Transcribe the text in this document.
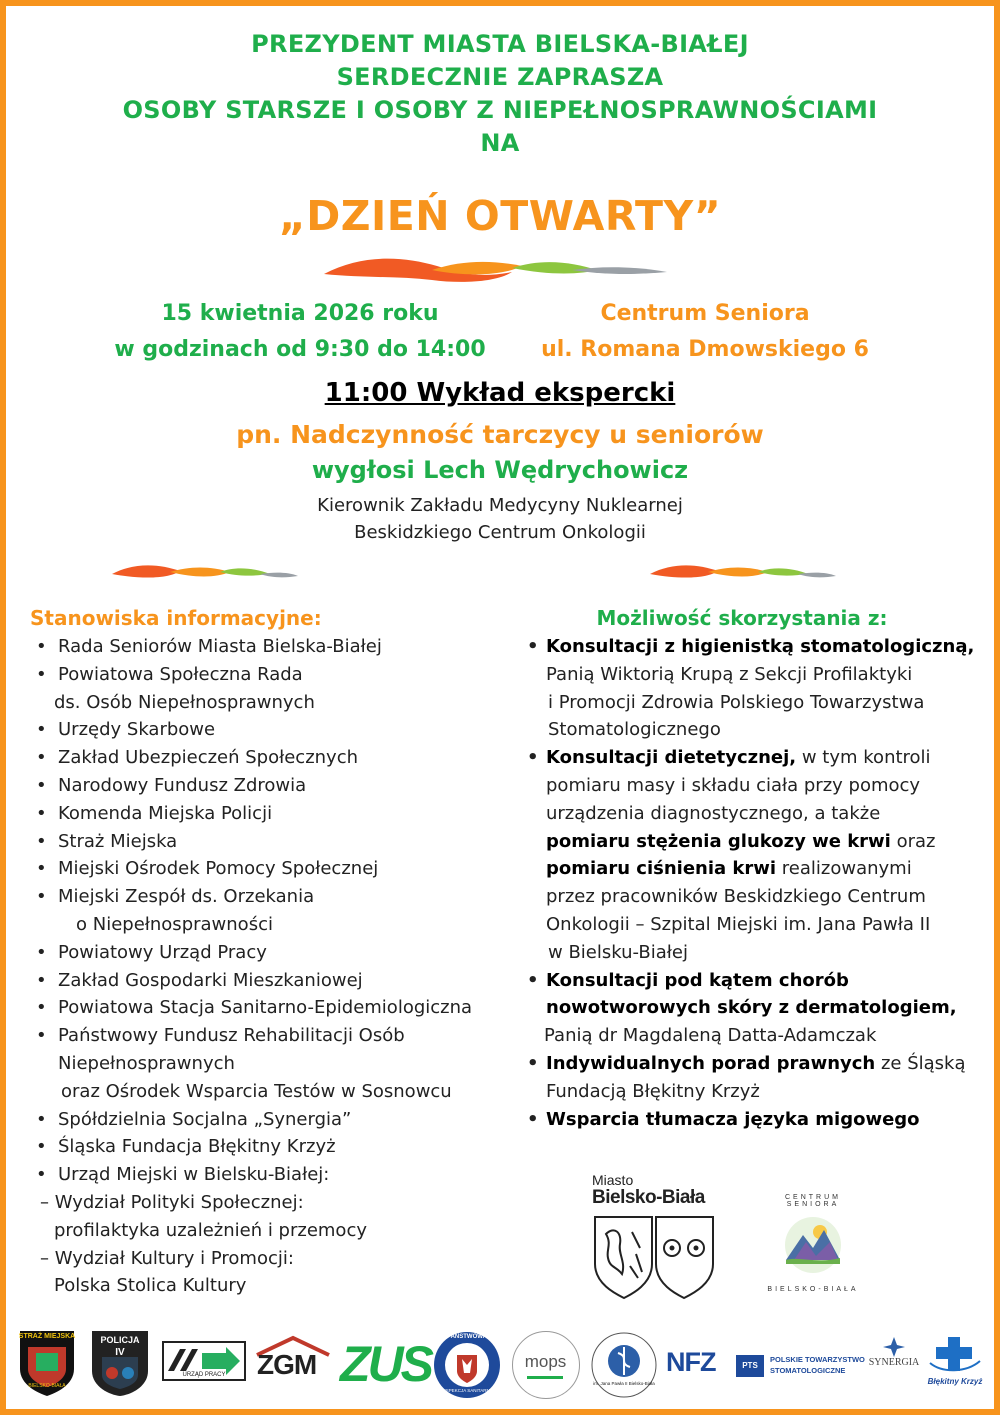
PREZYDENT MIASTA BIELSKA-BIAŁEJ
SERDECZNIE ZAPRASZA
OSOBY STARSZE I OSOBY Z NIEPEŁNOSPRAWNOŚCIAMI
NA
„DZIEŃ OTWARTY”
15 kwietnia 2026 roku
w godzinach od 9:30 do 14:00
Centrum Seniora
ul. Romana Dmowskiego 6
11:00 Wykład ekspercki
pn. Nadczynność tarczycy u seniorów
wygłosi Lech Wędrychowicz
Kierownik Zakładu Medycyny Nuklearnej
Beskidzkiego Centrum Onkologii
Stanowiska informacyjne:	Możliwość skorzystania z:
• Rada Seniorów Miasta Bielska-Białej
• Powiatowa Społeczna Rada
ds. Osób Niepełnosprawnych
• Urzędy Skarbowe
• Zakład Ubezpieczeń Społecznych
• Narodowy Fundusz Zdrowia
• Komenda Miejska Policji
• Straż Miejska
• Miejski Ośrodek Pomocy Społecznej
• Miejski Zespół ds. Orzekania
o Niepełnosprawności
• Powiatowy Urząd Pracy
• Zakład Gospodarki Mieszkaniowej
• Powiatowa Stacja Sanitarno-Epidemiologiczna
• Państwowy Fundusz Rehabilitacji Osób
Niepełnosprawnych
oraz Ośrodek Wsparcia Testów w Sosnowcu
• Spółdzielnia Socjalna „Synergia”
• Śląska Fundacja Błękitny Krzyż
• Urząd Miejski w Bielsku-Białej:
– Wydział Polityki Społecznej:
profilaktyka uzależnień i przemocy
– Wydział Kultury i Promocji:
Polska Stolica Kultury
• Konsultacji z higienistką stomatologiczną,
Panią Wiktorią Krupą z Sekcji Profilaktyki
i Promocji Zdrowia Polskiego Towarzystwa
Stomatologicznego
• Konsultacji dietetycznej, w tym kontroli
pomiaru masy i składu ciała przy pomocy
urządzenia diagnostycznego, a także
pomiaru stężenia glukozy we krwi oraz
pomiaru ciśnienia krwi realizowanymi
przez pracowników Beskidzkiego Centrum
Onkologii – Szpital Miejski im. Jana Pawła II
w Bielsku-Białej
• Konsultacji pod kątem chorób
nowotworowych skóry z dermatologiem,
Panią dr Magdaleną Datta-Adamczak
• Indywidualnych porad prawnych ze Śląską
Fundacją Błękitny Krzyż
• Wsparcia tłumacza języka migowego
Miasto
Bielsko-Biała	CENTRUM SENIORA
BIELSKO-BIAŁA
STRAŻ MIEJSKA
BIELSKO-BIAŁA
POLICJA
IV
URZĄD PRACY	ZGM ZUS	PAŃSTWOWA
INSPEKCJA SANITARNA
mops
im. Jana Pawła II Bielsko-Biała
NFZ	PTS
POLSKIE TOWARZYSTWO
STOMATOLOGICZNE
SYNERGIA
Błękitny Krzyż
